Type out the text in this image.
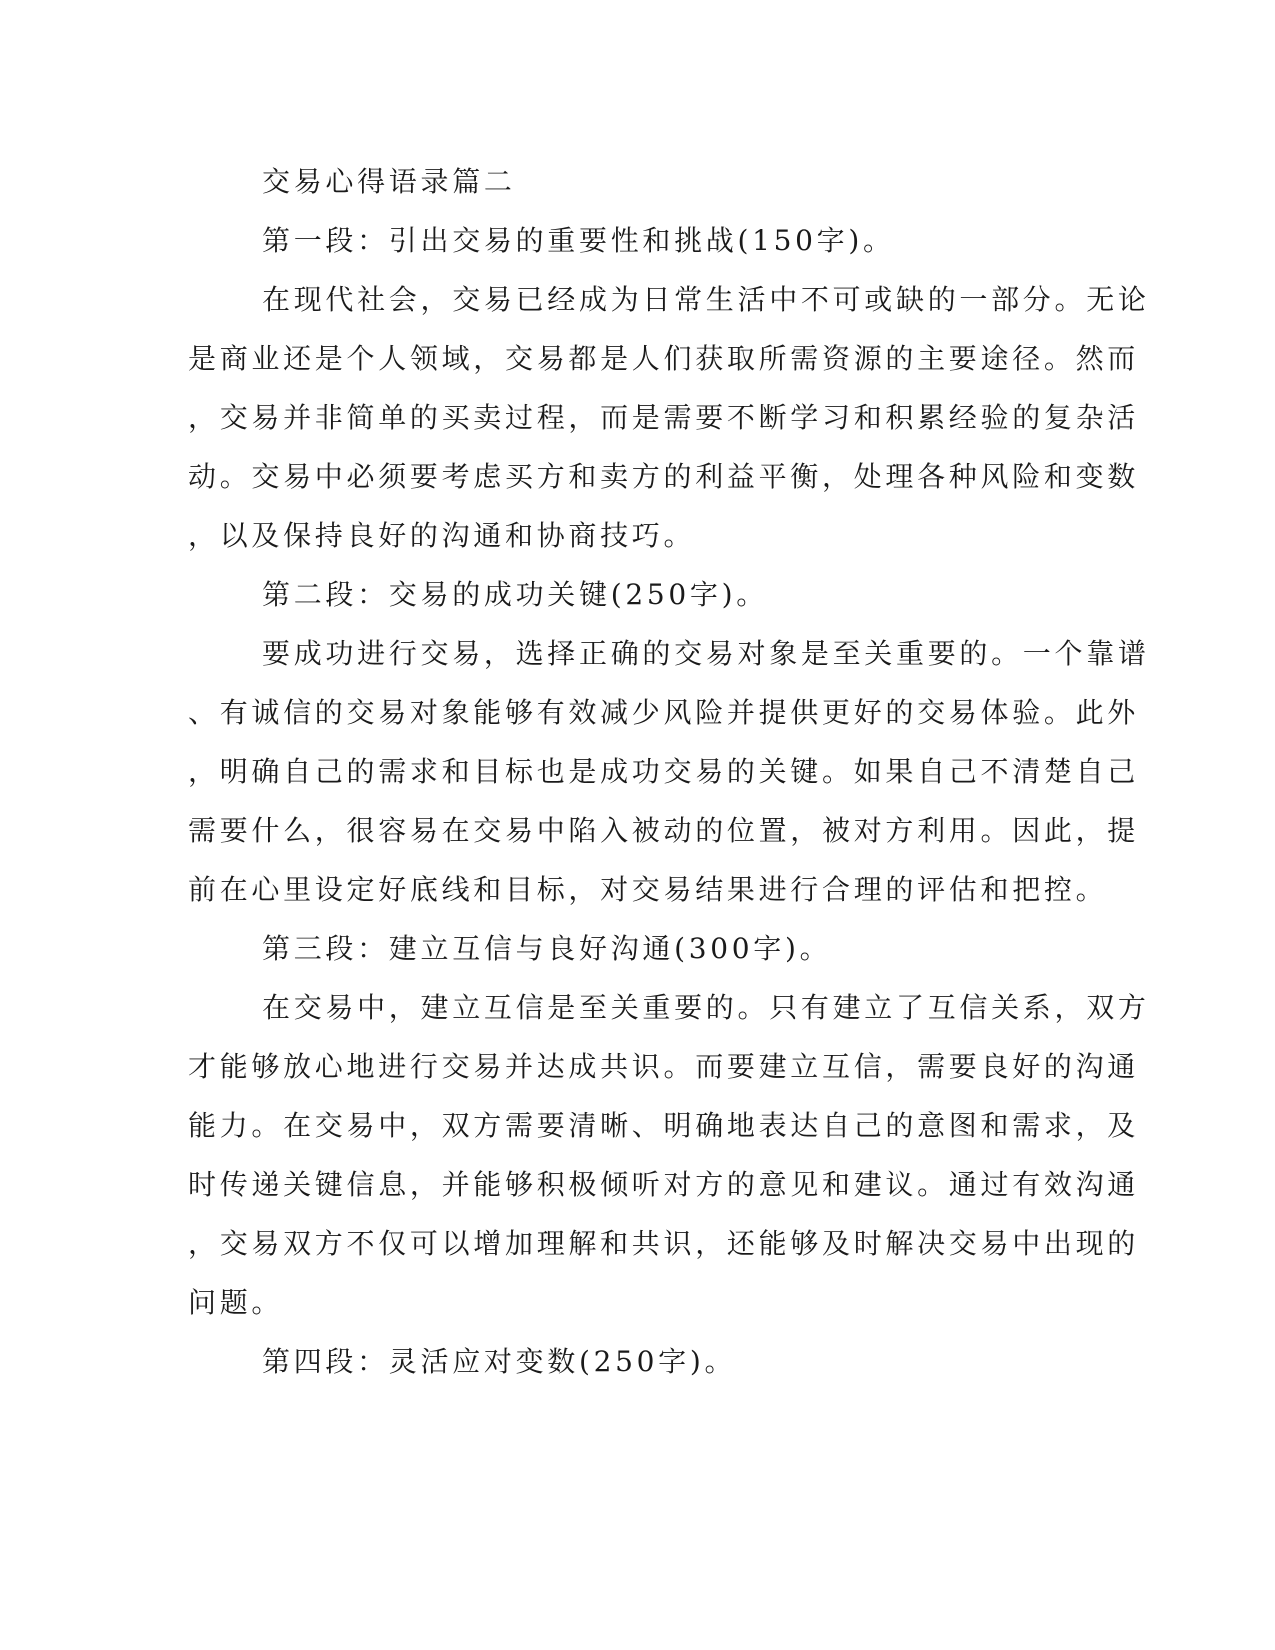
交易心得语录篇二
第一段：引出交易的重要性和挑战(150字)。
在现代社会，交易已经成为日常生活中不可或缺的一部分。无论
是商业还是个人领域，交易都是人们获取所需资源的主要途径。然而
，交易并非简单的买卖过程，而是需要不断学习和积累经验的复杂活
动。交易中必须要考虑买方和卖方的利益平衡，处理各种风险和变数
，以及保持良好的沟通和协商技巧。
第二段：交易的成功关键(250字)。
要成功进行交易，选择正确的交易对象是至关重要的。一个靠谱
、有诚信的交易对象能够有效减少风险并提供更好的交易体验。此外
，明确自己的需求和目标也是成功交易的关键。如果自己不清楚自己
需要什么，很容易在交易中陷入被动的位置，被对方利用。因此，提
前在心里设定好底线和目标，对交易结果进行合理的评估和把控。
第三段：建立互信与良好沟通(300字)。
在交易中，建立互信是至关重要的。只有建立了互信关系，双方
才能够放心地进行交易并达成共识。而要建立互信，需要良好的沟通
能力。在交易中，双方需要清晰、明确地表达自己的意图和需求，及
时传递关键信息，并能够积极倾听对方的意见和建议。通过有效沟通
，交易双方不仅可以增加理解和共识，还能够及时解决交易中出现的
问题。
第四段：灵活应对变数(250字)。
